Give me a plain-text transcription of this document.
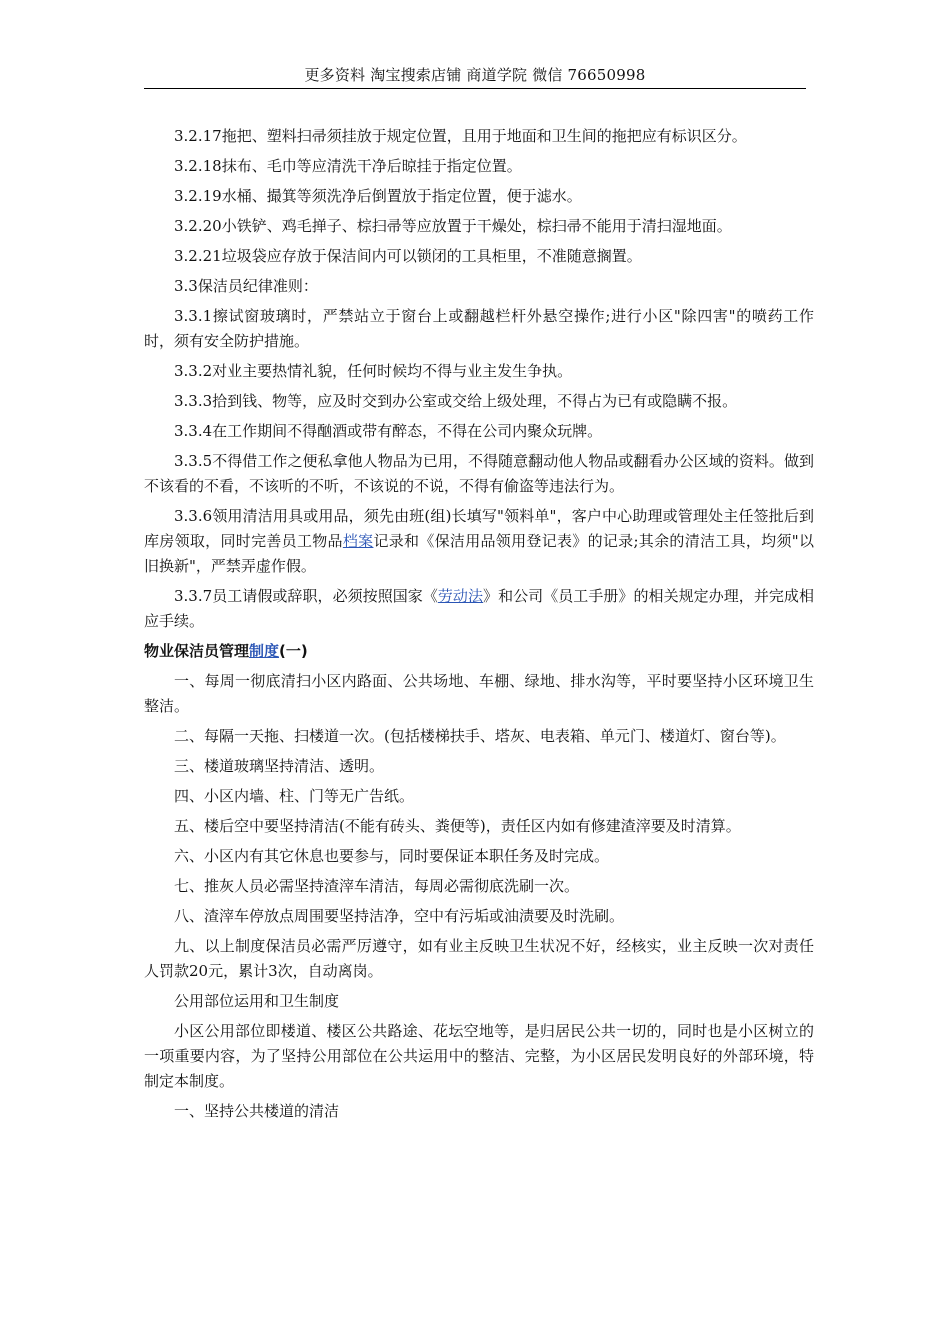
更多资料 淘宝搜索店铺 商道学院 微信 76650998

3.2.17拖把、塑料扫帚须挂放于规定位置，且用于地面和卫生间的拖把应有标识区分。

3.2.18抹布、毛巾等应清洗干净后晾挂于指定位置。

3.2.19水桶、撮箕等须洗净后倒置放于指定位置，便于滤水。

3.2.20小铁铲、鸡毛掸子、棕扫帚等应放置于干燥处，棕扫帚不能用于清扫湿地面。

3.2.21垃圾袋应存放于保洁间内可以锁闭的工具柜里，不准随意搁置。

3.3保洁员纪律准则：

3.3.1擦试窗玻璃时，严禁站立于窗台上或翻越栏杆外悬空操作;进行小区"除四害"的喷药工作时，须有安全防护措施。

3.3.2对业主要热情礼貌，任何时候均不得与业主发生争执。

3.3.3拾到钱、物等，应及时交到办公室或交给上级处理，不得占为已有或隐瞒不报。

3.3.4在工作期间不得酗酒或带有醉态，不得在公司内聚众玩牌。

3.3.5不得借工作之便私拿他人物品为已用，不得随意翻动他人物品或翻看办公区域的资料。做到不该看的不看，不该听的不听，不该说的不说，不得有偷盗等违法行为。

3.3.6领用清洁用具或用品，须先由班(组)长填写"领料单"，客户中心助理或管理处主任签批后到库房领取，同时完善员工物品档案记录和《保洁用品领用登记表》的记录;其余的清洁工具，均须"以旧换新"，严禁弄虚作假。

3.3.7员工请假或辞职，必须按照国家《劳动法》和公司《员工手册》的相关规定办理，并完成相应手续。

物业保洁员管理制度(一)

一、每周一彻底清扫小区内路面、公共场地、车棚、绿地、排水沟等，平时要坚持小区环境卫生整洁。

二、每隔一天拖、扫楼道一次。(包括楼梯扶手、塔灰、电表箱、单元门、楼道灯、窗台等)。

三、楼道玻璃坚持清洁、透明。

四、小区内墙、柱、门等无广告纸。

五、楼后空中要坚持清洁(不能有砖头、粪便等)，责任区内如有修建渣滓要及时清算。

六、小区内有其它休息也要参与，同时要保证本职任务及时完成。

七、推灰人员必需坚持渣滓车清洁，每周必需彻底洗刷一次。

八、渣滓车停放点周围要坚持洁净，空中有污垢或油渍要及时洗刷。

九、以上制度保洁员必需严厉遵守，如有业主反映卫生状况不好，经核实，业主反映一次对责任人罚款20元，累计3次，自动离岗。

公用部位运用和卫生制度

小区公用部位即楼道、楼区公共路途、花坛空地等，是归居民公共一切的，同时也是小区树立的一项重要内容，为了坚持公用部位在公共运用中的整洁、完整，为小区居民发明良好的外部环境，特制定本制度。

一、坚持公共楼道的清洁
